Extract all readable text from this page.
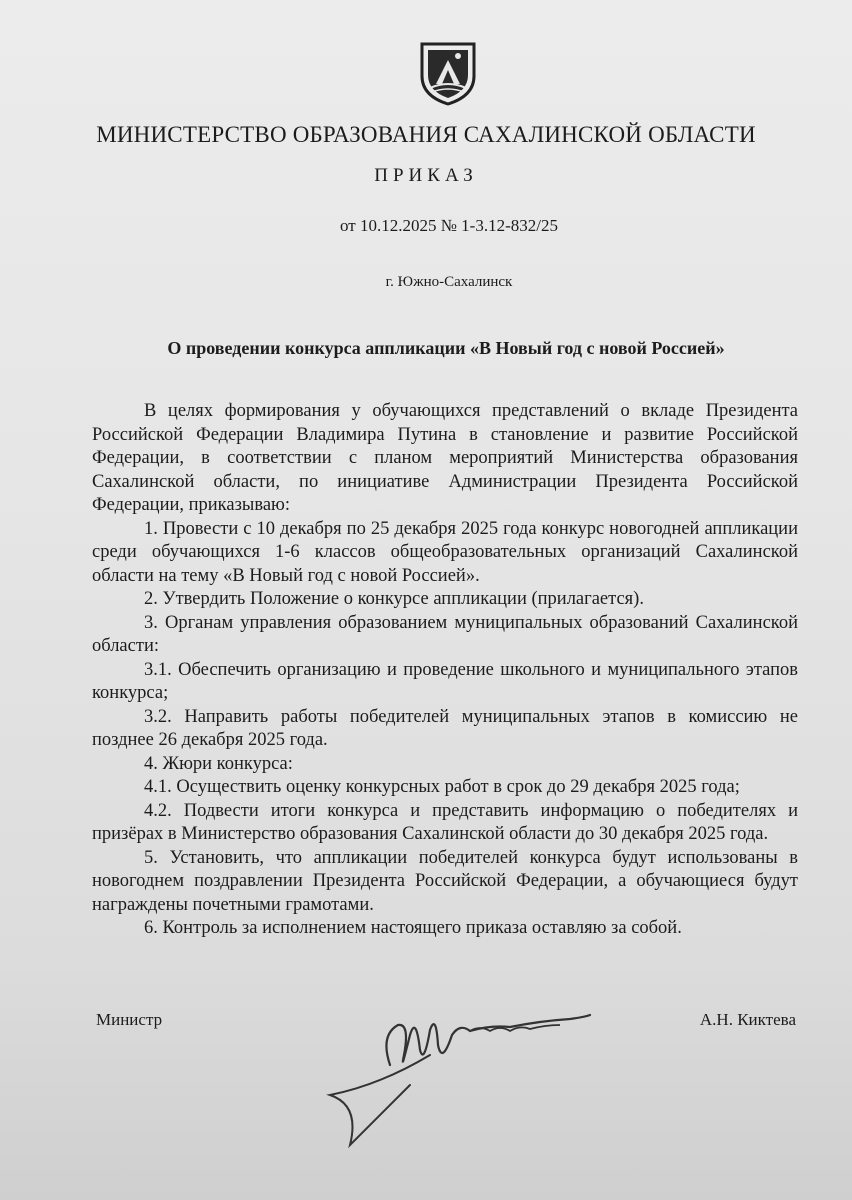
МИНИСТЕРСТВО ОБРАЗОВАНИЯ САХАЛИНСКОЙ ОБЛАСТИ
ПРИКАЗ
от 10.12.2025 № 1-3.12-832/25
г. Южно-Сахалинск
О проведении конкурса аппликации «В Новый год с новой Россией»

В целях формирования у обучающихся представлений о вкладе Президента Российской Федерации Владимира Путина в становление и развитие Российской Федерации, в соответствии с планом мероприятий Министерства образования Сахалинской области, по инициативе Администрации Президента Российской Федерации, приказываю:

1. Провести с 10 декабря по 25 декабря 2025 года конкурс новогодней аппликации среди обучающихся 1-6 классов общеобразовательных организаций Сахалинской области на тему «В Новый год с новой Россией».

2. Утвердить Положение о конкурсе аппликации (прилагается).

3. Органам управления образованием муниципальных образований Сахалинской области:

3.1. Обеспечить организацию и проведение школьного и муниципального этапов конкурса;

3.2. Направить работы победителей муниципальных этапов в комиссию не позднее 26 декабря 2025 года.

4. Жюри конкурса:

4.1. Осуществить оценку конкурсных работ в срок до 29 декабря 2025 года;

4.2. Подвести итоги конкурса и представить информацию о победителях и призёрах в Министерство образования Сахалинской области до 30 декабря 2025 года.

5. Установить, что аппликации победителей конкурса будут использованы в новогоднем поздравлении Президента Российской Федерации, а обучающиеся будут награждены почетными грамотами.

6. Контроль за исполнением настоящего приказа оставляю за собой.

Министр	А.Н. Киктева
